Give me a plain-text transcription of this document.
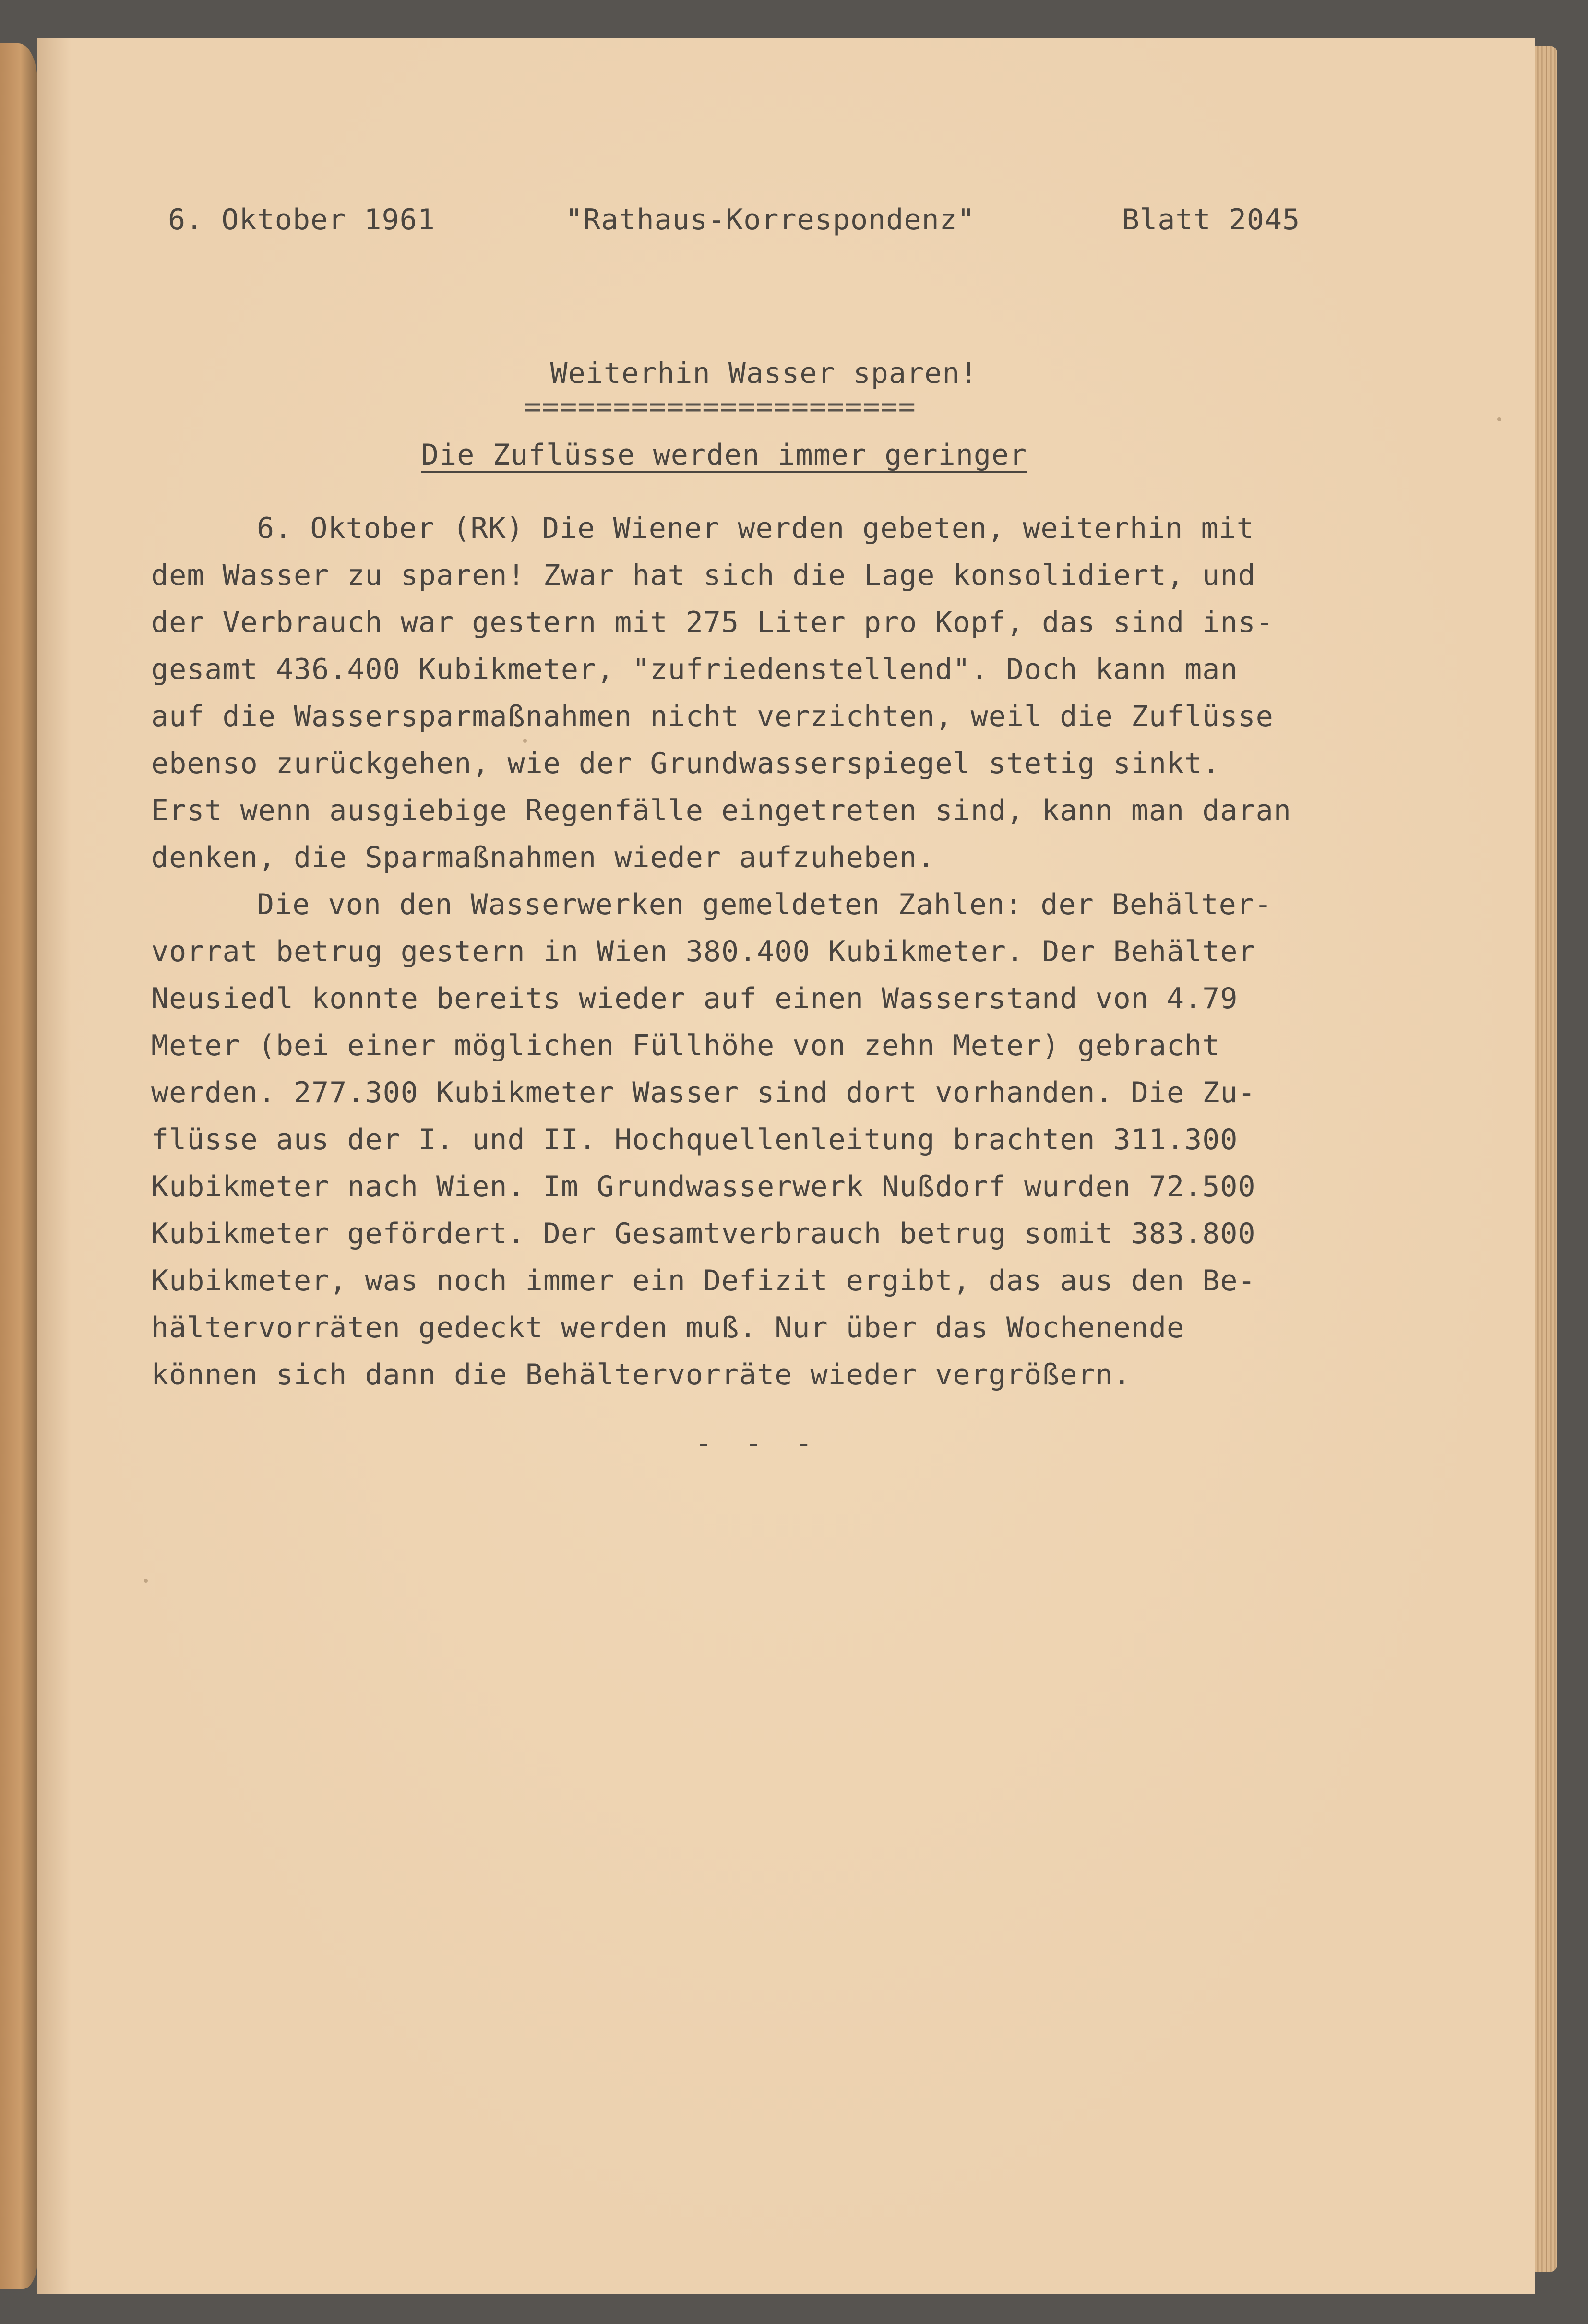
6. Oktober 1961	"Rathaus-Korrespondenz"	Blatt 2045
Weiterhin Wasser sparen!
======================
Die Zuflüsse werden immer geringer
6. Oktober (RK) Die Wiener werden gebeten, weiterhin mit
dem Wasser zu sparen! Zwar hat sich die Lage konsolidiert, und
der Verbrauch war gestern mit 275 Liter pro Kopf, das sind ins-
gesamt 436.400 Kubikmeter, "zufriedenstellend". Doch kann man
auf die Wassersparmaßnahmen nicht verzichten, weil die Zuflüsse
ebenso zurückgehen, wie der Grundwasserspiegel stetig sinkt.
Erst wenn ausgiebige Regenfälle eingetreten sind, kann man daran
denken, die Sparmaßnahmen wieder aufzuheben.
Die von den Wasserwerken gemeldeten Zahlen: der Behälter-
vorrat betrug gestern in Wien 380.400 Kubikmeter. Der Behälter
Neusiedl konnte bereits wieder auf einen Wasserstand von 4.79
Meter (bei einer möglichen Füllhöhe von zehn Meter) gebracht
werden. 277.300 Kubikmeter Wasser sind dort vorhanden. Die Zu-
flüsse aus der I. und II. Hochquellenleitung brachten 311.300
Kubikmeter nach Wien. Im Grundwasserwerk Nußdorf wurden 72.500
Kubikmeter gefördert. Der Gesamtverbrauch betrug somit 383.800
Kubikmeter, was noch immer ein Defizit ergibt, das aus den Be-
hältervorräten gedeckt werden muß. Nur über das Wochenende
können sich dann die Behältervorräte wieder vergrößern.
- - -
